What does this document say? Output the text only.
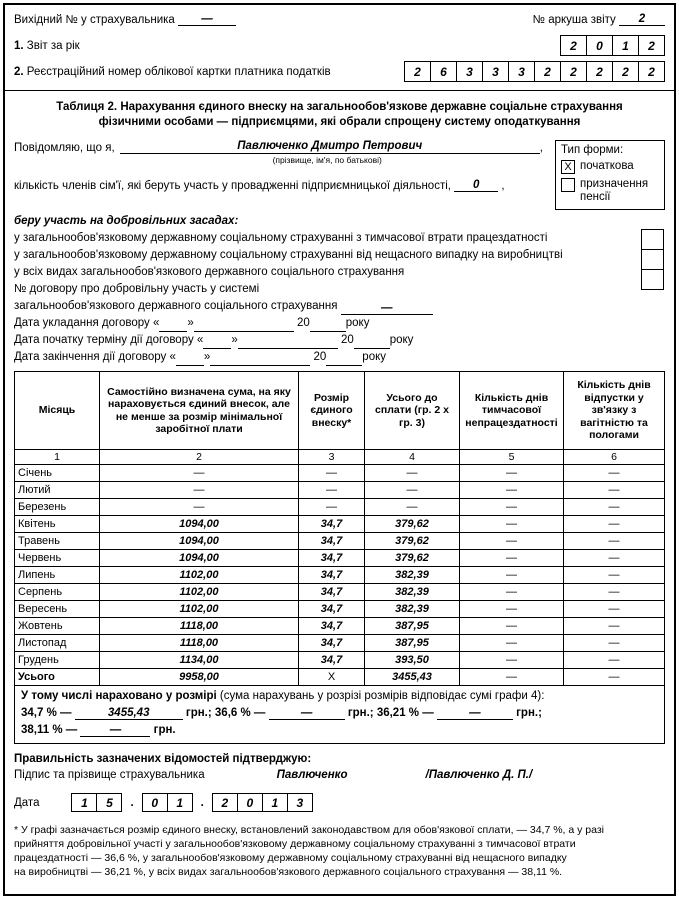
Вихідний № у страхувальника —	№ аркуша звіту 2
1. Звіт за рік	2	0	1	2
2. Реєстраційний номер облікової картки платника податків	2	6	3	3	3	2	2	2	2	2
Таблиця 2. Нарахування єдиного внеску на загальнообов'язкове державне соціальне страхування
фізичними особами — підприємцями, які обрали спрощену систему оподаткування
Повідомляю, що я,	Павлюченко Дмитро Петрович	,
(прізвище, ім'я, по батькові)
кількість членів сім'ї, які беруть участь у провадженні підприємницької діяльності, 0 ,
Тип форми:
X початкова
призначення пенсії
беру участь на добровільних засадах:
у загальнообов'язковому державному соціальному страхуванні з тимчасової втрати працездатності
у загальнообов'язковому державному соціальному страхуванні від нещасного випадку на виробництві
у всіх видах загальнообов'язкового державного соціального страхування
№ договору про добровільну участь у системі
загальнообов'язкового державного соціального страхування	—
Дата укладання договору « »	20	року
Дата початку терміну дії договору « »	20	року
Дата закінчення дії договору « »	20	року
Місяць	Самостійно визначена сума, на яку нараховується єдиний внесок, але не менше за розмір мінімальної заробітної плати	Розмір єдиного внеску*	Усього до сплати (гр. 2 х гр. 3)	Кількість днів тимчасової непрацездатності	Кількість днів відпустки у зв'язку з вагітністю та пологами
1	2	3	4	5	6
Січень	—	—	—	—	—
Лютий	—	—	—	—	—
Березень	—	—	—	—	—
Квітень	1094,00	34,7	379,62	—	—
Травень	1094,00	34,7	379,62	—	—
Червень	1094,00	34,7	379,62	—	—
Липень	1102,00	34,7	382,39	—	—
Серпень	1102,00	34,7	382,39	—	—
Вересень	1102,00	34,7	382,39	—	—
Жовтень	1118,00	34,7	387,95	—	—
Листопад	1118,00	34,7	387,95	—	—
Грудень	1134,00	34,7	393,50	—	—
Усього	9958,00	X	3455,43	—	—

У тому числі нараховано у розмірі (сума нарахувань у розрізі розмірів відповідає сумі графи 4):
34,7 % — 3455,43 грн.; 36,6 % — — грн.; 36,21 % — — грн.;
38,11 % — — грн.					
Правильність зазначених відомостей підтверджую:
Підпис та прізвище страхувальника	Павлюченко	/Павлюченко Д. П./
Дата	1	5	.	0	1	.	2	0	1	3
* У графі зазначається розмір єдиного внеску, встановлений законодавством для обов'язкової сплати, — 34,7 %, а у разі
прийняття добровільної участі у загальнообов'язковому державному соціальному страхуванні з тимчасової втрати
працездатності — 36,6 %, у загальнообов'язковому державному соціальному страхуванні від нещасного випадку
на виробництві — 36,21 %, у всіх видах загальнообов'язкового державного соціального страхування — 38,11 %.
